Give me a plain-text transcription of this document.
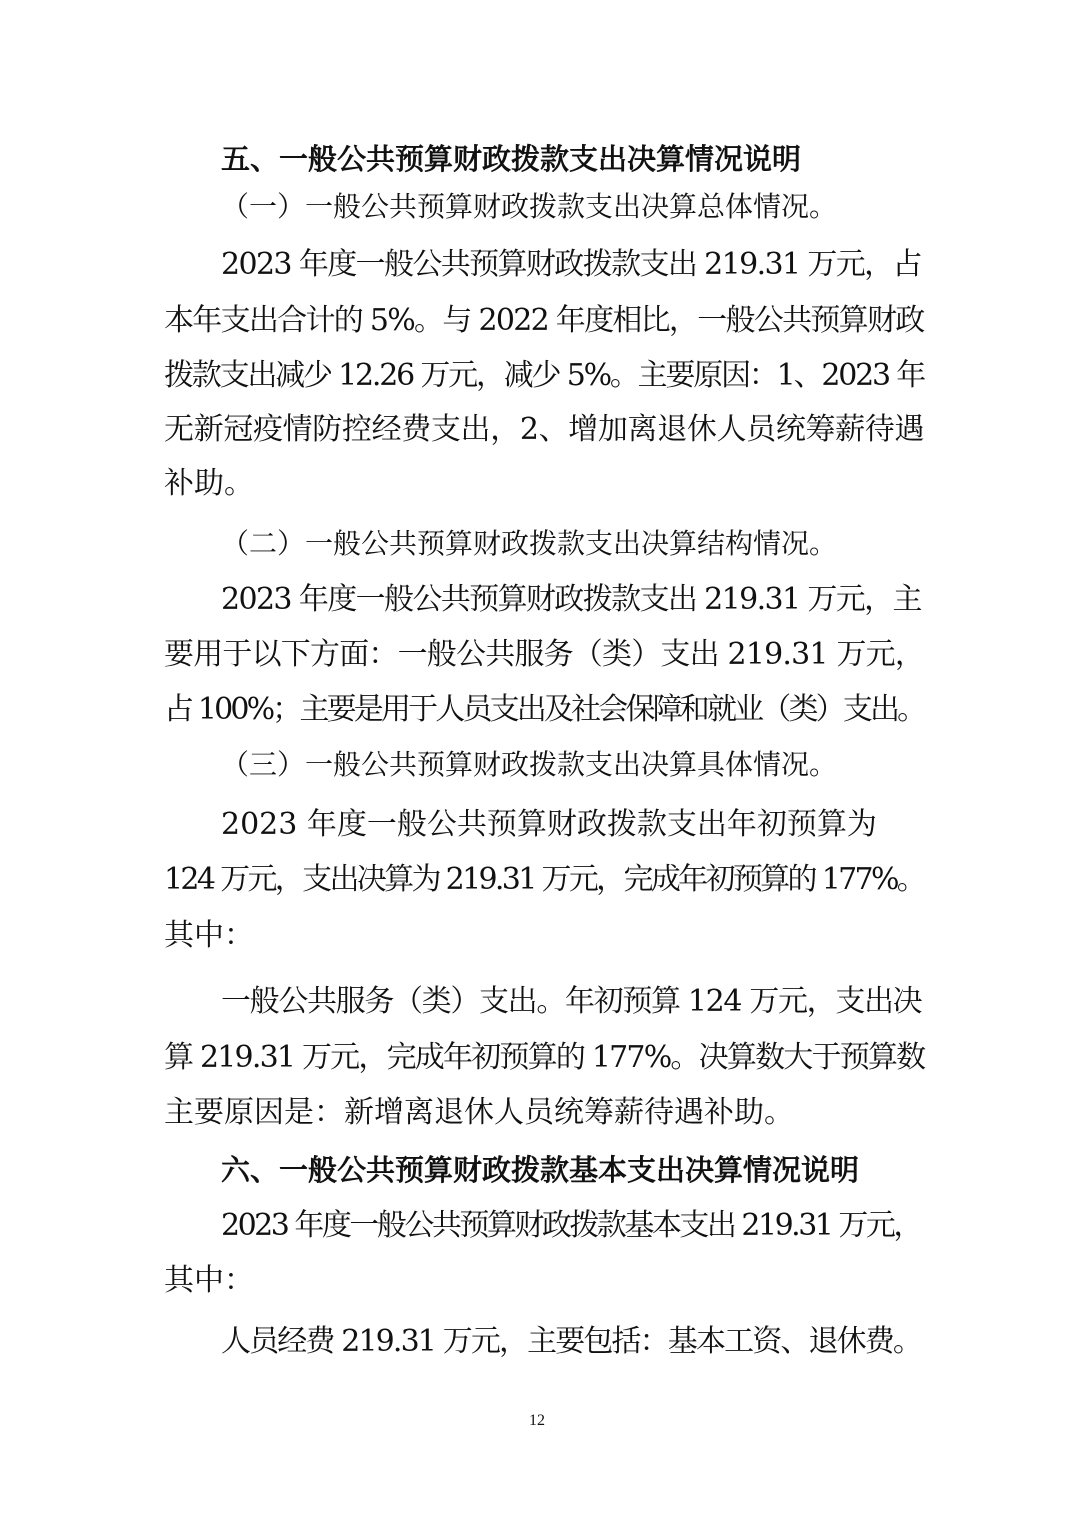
五、一般公共预算财政拨款支出决算情况说明
（一）一般公共预算财政拨款支出决算总体情况。
2023 年度一般公共预算财政拨款支出 219.31 万元，占
本年支出合计的 5%。与 2022 年度相比，一般公共预算财政
拨款支出减少 12.26 万元，减少 5%。主要原因：1、2023 年
无新冠疫情防控经费支出，2、增加离退休人员统筹薪待遇
补助。
（二）一般公共预算财政拨款支出决算结构情况。
2023 年度一般公共预算财政拨款支出 219.31 万元，主
要用于以下方面：一般公共服务（类）支出 219.31 万元，
占 100%；主要是用于人员支出及社会保障和就业（类）支出。
（三）一般公共预算财政拨款支出决算具体情况。
2023 年度一般公共预算财政拨款支出年初预算为
124 万元，支出决算为 219.31 万元，完成年初预算的 177%。
其中：
一般公共服务（类）支出。年初预算 124 万元，支出决
算 219.31 万元，完成年初预算的 177%。决算数大于预算数
主要原因是：新增离退休人员统筹薪待遇补助。
六、一般公共预算财政拨款基本支出决算情况说明
2023 年度一般公共预算财政拨款基本支出 219.31 万元，
其中：
人员经费 219.31 万元，主要包括：基本工资、退休费。
12
